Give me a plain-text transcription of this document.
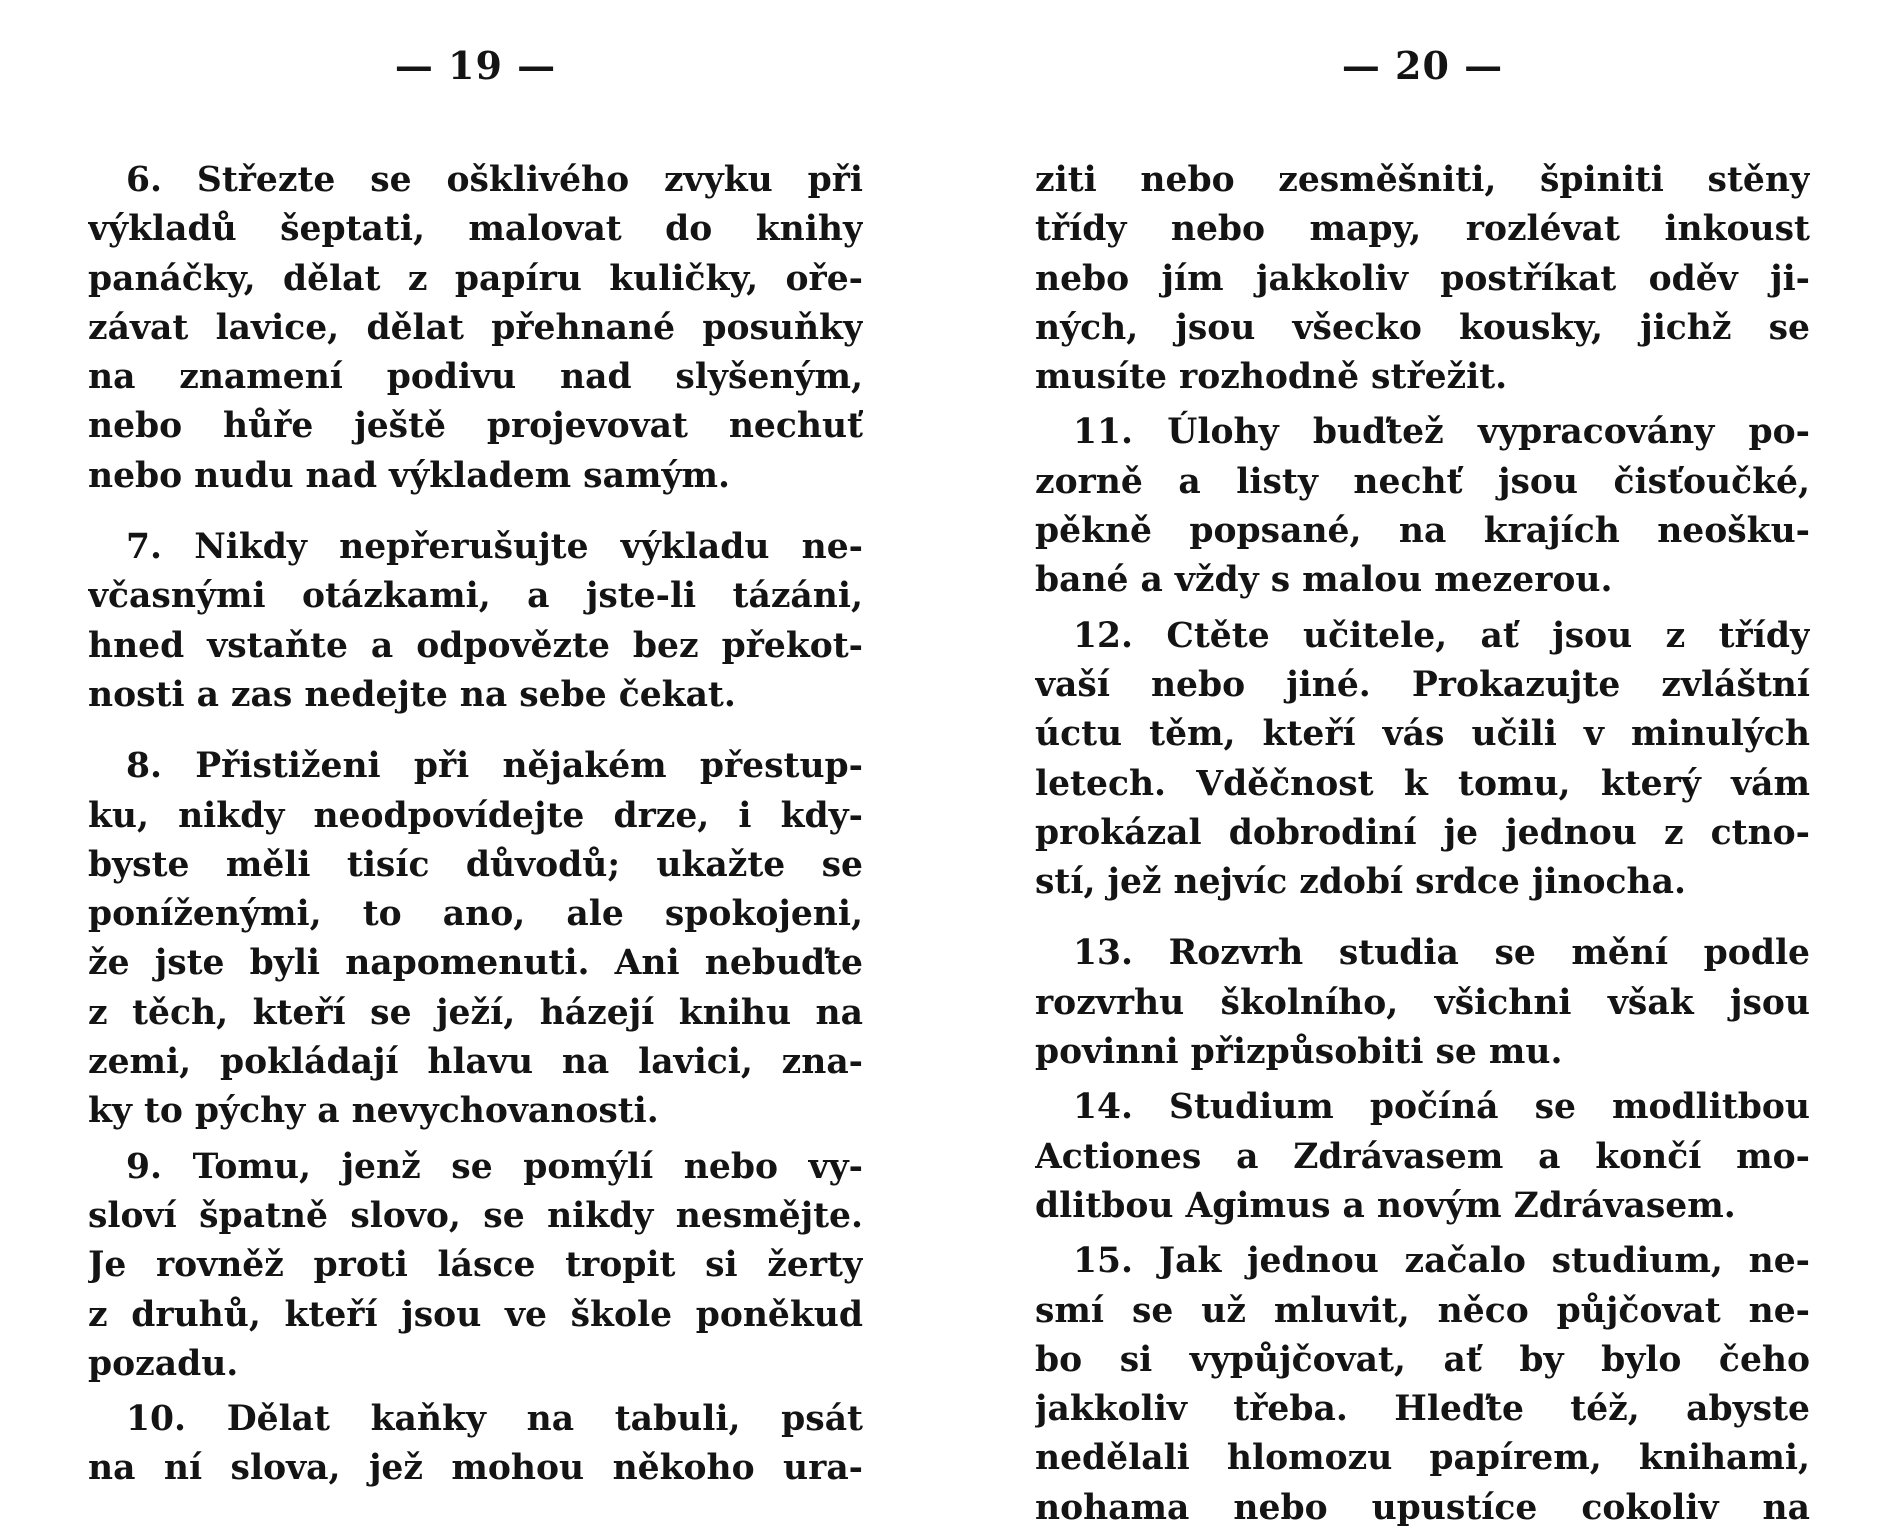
— 19 —
6. Střezte se ošklivého zvyku při
výkladů šeptati, malovat do knihy
panáčky, dělat z papíru kuličky, oře-
závat lavice, dělat přehnané posuňky
na znamení podivu nad slyšeným,
nebo hůře ještě projevovat nechuť
nebo nudu nad výkladem samým.
7. Nikdy nepřerušujte výkladu ne-
včasnými otázkami, a jste-li tázáni,
hned vstaňte a odpovězte bez překot-
nosti a zas nedejte na sebe čekat.
8. Přistiženi při nějakém přestup-
ku, nikdy neodpovídejte drze, i kdy-
byste měli tisíc důvodů; ukažte se
poníženými, to ano, ale spokojeni,
že jste byli napomenuti. Ani nebuďte
z těch, kteří se ježí, házejí knihu na
zemi, pokládají hlavu na lavici, zna-
ky to pýchy a nevychovanosti.
9. Tomu, jenž se pomýlí nebo vy-
sloví špatně slovo, se nikdy nesmějte.
Je rovněž proti lásce tropit si žerty
z druhů, kteří jsou ve škole poněkud
pozadu.
10. Dělat kaňky na tabuli, psát
na ní slova, jež mohou někoho ura-
— 20 —
ziti nebo zesměšniti, špiniti stěny
třídy nebo mapy, rozlévat inkoust
nebo jím jakkoliv postříkat oděv ji-
ných, jsou všecko kousky, jichž se
musíte rozhodně střežit.
11. Úlohy buďtež vypracovány po-
zorně a listy nechť jsou čisťoučké,
pěkně popsané, na krajích neošku-
bané a vždy s malou mezerou.
12. Ctěte učitele, ať jsou z třídy
vaší nebo jiné. Prokazujte zvláštní
úctu těm, kteří vás učili v minulých
letech. Vděčnost k tomu, který vám
prokázal dobrodiní je jednou z ctno-
stí, jež nejvíc zdobí srdce jinocha.
13. Rozvrh studia se mění podle
rozvrhu školního, všichni však jsou
povinni přizpůsobiti se mu.
14. Studium počíná se modlitbou
Actiones a Zdrávasem a končí mo-
dlitbou Agimus a novým Zdrávasem.
15. Jak jednou začalo studium, ne-
smí se už mluvit, něco půjčovat ne-
bo si vypůjčovat, ať by bylo čeho
jakkoliv třeba. Hleďte též, abyste
nedělali hlomozu papírem, knihami,
nohama nebo upustíce cokoliv na
